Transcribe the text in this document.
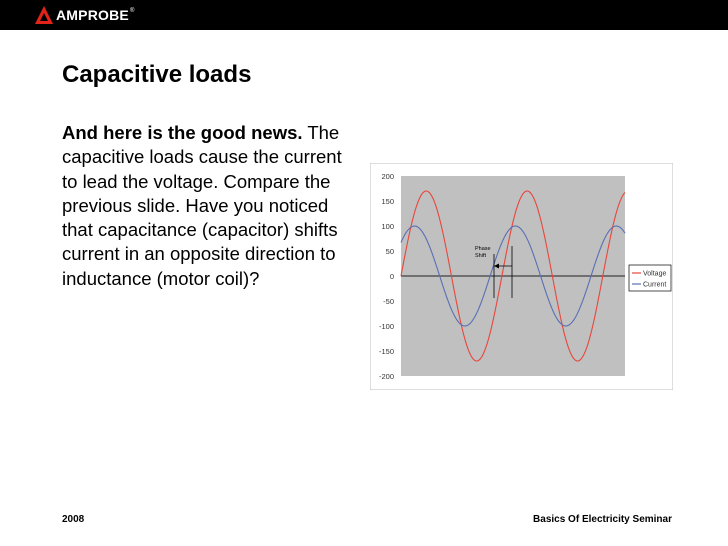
AMPROBE ®
Capacitive loads

And here is the good news. The capacitive loads cause the current to lead the voltage. Compare the previous slide. Have you noticed that capacitance (capacitor) shifts current in an opposite direction to inductance (motor coil)?

200
150
100
50
0
-50
-100
-150
-200
Phase
Shift
Voltage
Current
2008	Basics Of Electricity Seminar
